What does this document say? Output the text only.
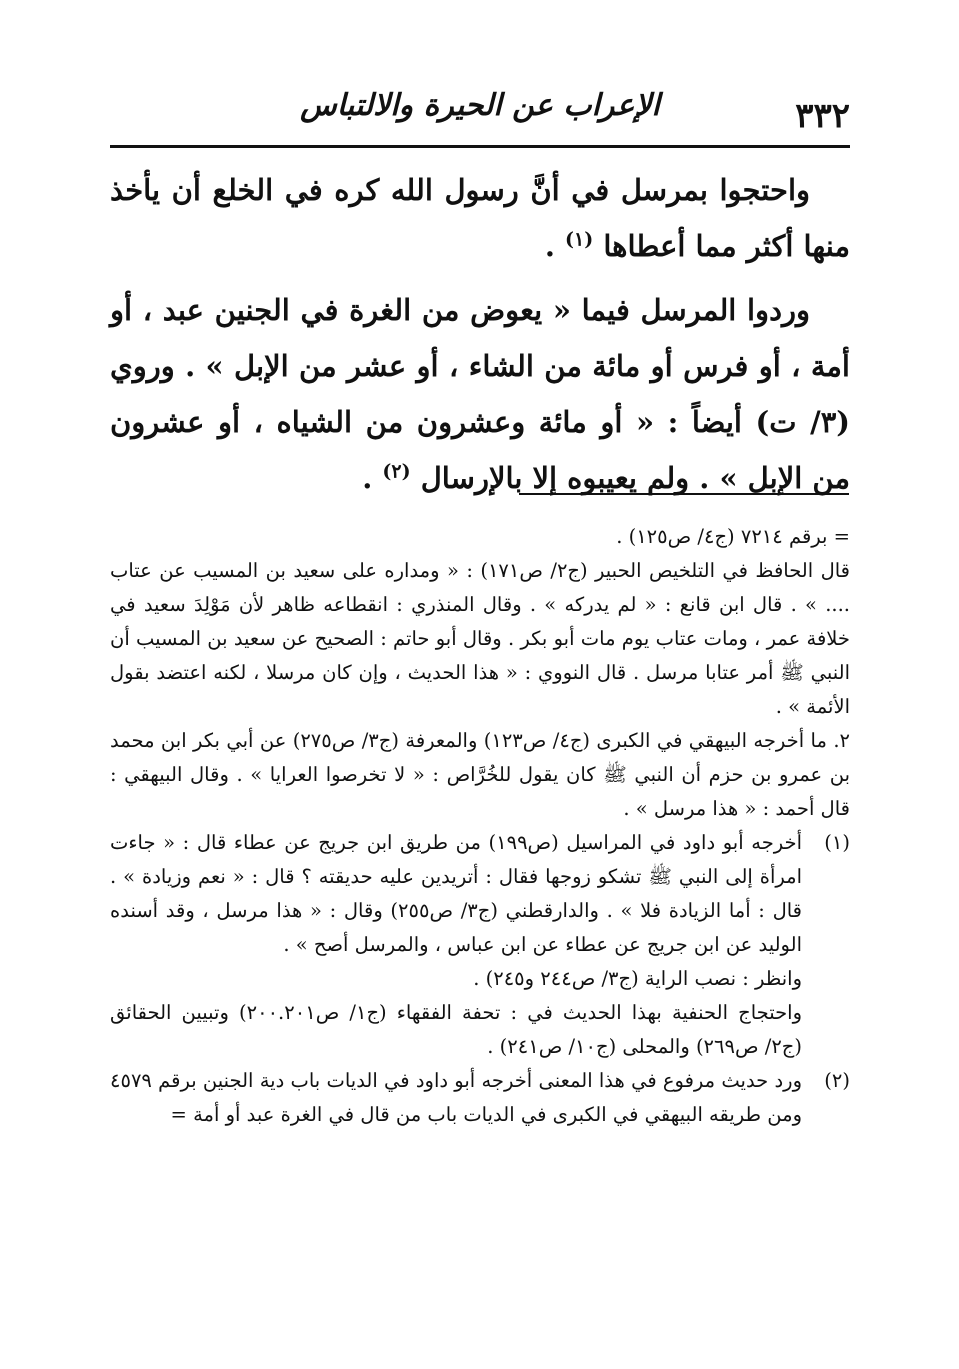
٣٣٢
الإعراب عن الحيرة والالتباس

واحتجوا بمرسل في أنَّ رسول الله كره في الخلع أن يأخذ منها أكثر مما أعطاها $^{(١)}$ .

وردوا المرسل فيما « يعوض من الغرة في الجنين عبد ، أو أمة ، أو فرس أو مائة من الشاء ، أو عشر من الإبل » . وروي (٣/ ت) أيضاً : « أو مائة وعشرون من الشياه ، أو عشرون من الإبل » . ولم يعيبوه إلا بالإرسال $^{(٢)}$ .

= برقم ٧٢١٤ (ج٤/ ص١٢٥) .

قال الحافظ في التلخيص الحبير (ج٢/ ص١٧١) : « ومداره على سعيد بن المسيب عن عتاب .... » . قال ابن قانع : « لم يدركه » . وقال المنذري : انقطاعه ظاهر لأن مَوْلِدَ سعيد في خلافة عمر ، ومات عتاب يوم مات أبو بكر . وقال أبو حاتم : الصحيح عن سعيد بن المسيب أن النبي ﷺ أمر عتابا مرسل . قال النووي : « هذا الحديث ، وإن كان مرسلا ، لكنه اعتضد بقول الأئمة » .

٢. ما أخرجه البيهقي في الكبرى (ج٤/ ص١٢٣) والمعرفة (ج٣/ ص٢٧٥) عن أبي بكر ابن محمد بن عمرو بن حزم أن النبي ﷺ كان يقول للخُرَّاص : « لا تخرصوا العرايا » . وقال البيهقي : قال أحمد : « هذا مرسل » .

(١)

أخرجه أبو داود في المراسيل (ص١٩٩) من طريق ابن جريج عن عطاء قال : « جاءت امرأة إلى النبي ﷺ تشكو زوجها فقال : أتريدين عليه حديقته ؟ قال : « نعم وزيادة » . قال : أما الزيادة فلا » . والدارقطني (ج٣/ ص٢٥٥) وقال : « هذا مرسل ، وقد أسنده الوليد عن ابن جريج عن عطاء عن ابن عباس ، والمرسل أصح » .

وانظر : نصب الراية (ج٣/ ص٢٤٤ و٢٤٥) .

واحتجاج الحنفية بهذا الحديث في : تحفة الفقهاء (ج١/ ص٢٠٠.٢٠١) وتبيين الحقائق (ج٢/ ص٢٦٩) والمحلى (ج١٠/ ص٢٤١) .

(٢)

ورد حديث مرفوع في هذا المعنى أخرجه أبو داود في الديات باب دية الجنين برقم ٤٥٧٩ ومن طريقه البيهقي في الكبرى في الديات باب من قال في الغرة عبد أو أمة =
